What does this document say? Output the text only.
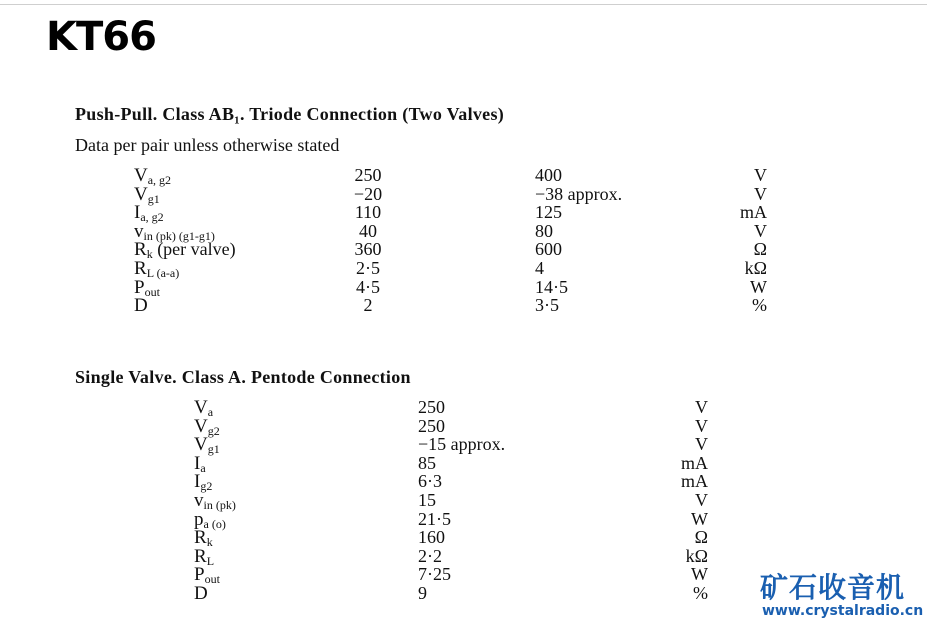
KT66
Push-Pull. Class AB₁. Triode Connection (Two Valves)
Data per pair unless otherwise stated
$V_{a, g2}$	250	400	V
$V_{g1}$	−20	−38 approx.	V
$I_{a, g2}$	110	125	mA
$v_{in (pk) (g1-g1)}$	40	80	V
$R_k$ (per valve)	360	600	Ω
$R_{L (a-a)}$	2·5	4	kΩ
$P_{out}$	4·5	14·5	W
D	2	3·5	%
Single Valve. Class A. Pentode Connection
$V_a$	250	V
$V_{g2}$	250	V
$V_{g1}$	−15 approx.	V
$I_a$	85	mA
$I_{g2}$	6·3	mA
$v_{in (pk)}$	15	V
$p_{a (o)}$	21·5	W
$R_k$	160	Ω
$R_L$	2·2	kΩ
$P_{out}$	7·25	W
D	9	% 矿石收音机
www.crystalradio.cn
